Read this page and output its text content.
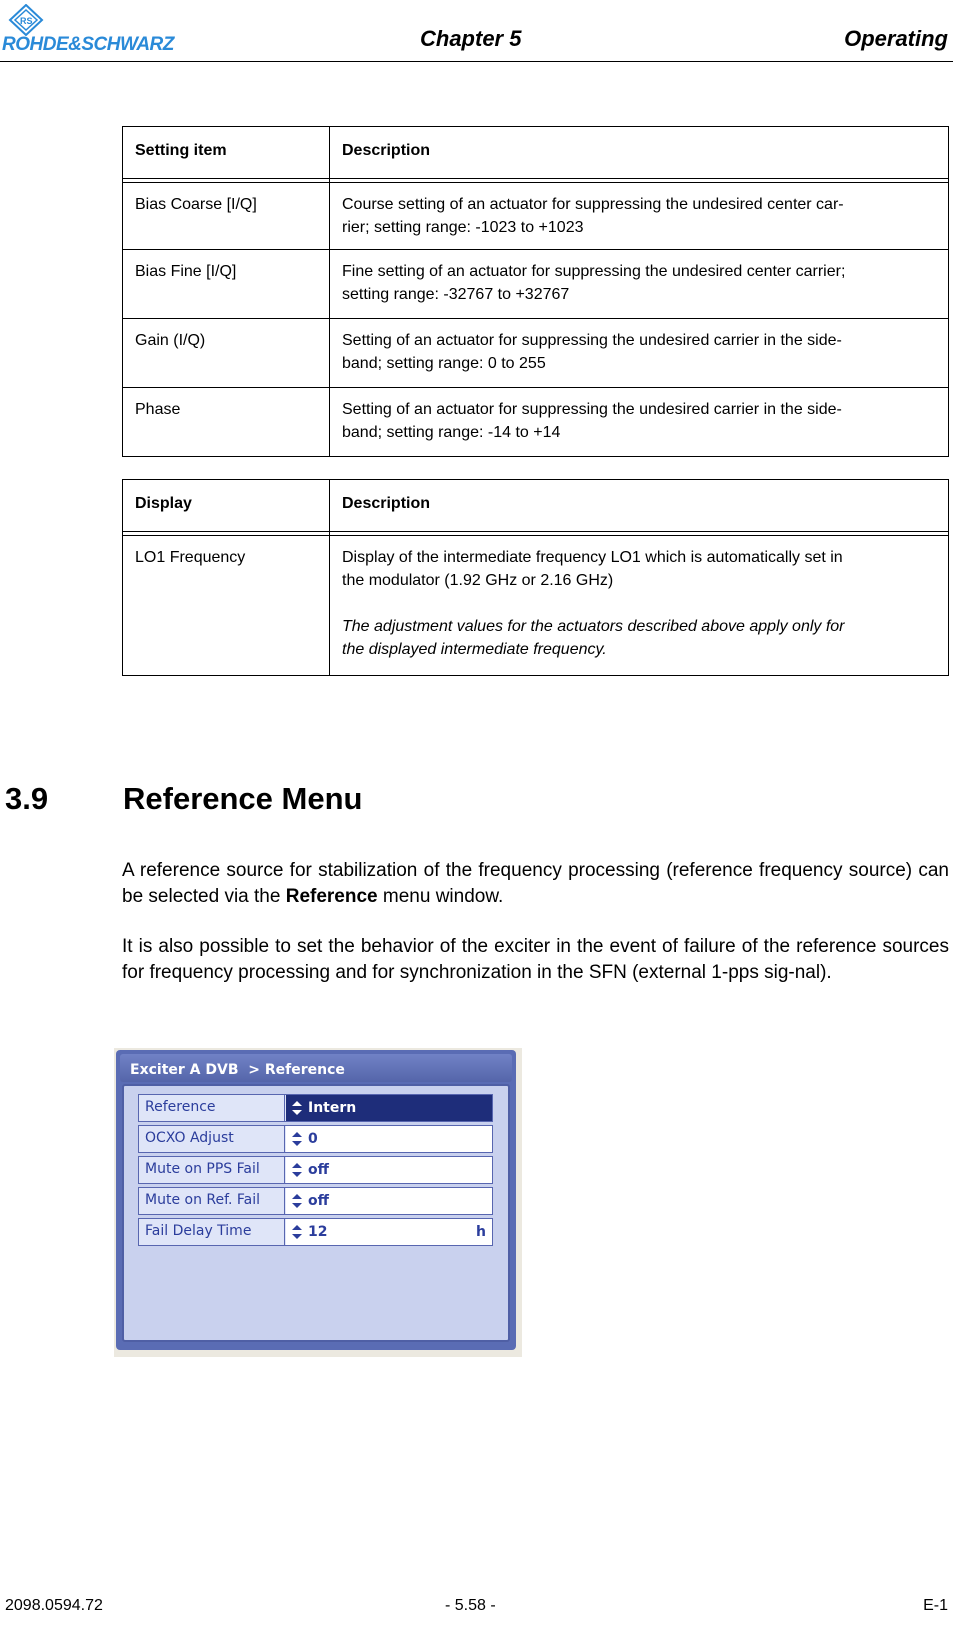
RS
ROHDE&SCHWARZ	Chapter 5	Operating
Setting item	Description

Bias Coarse [I/Q]	Course setting of an actuator for suppressing the undesired center car-
rier; setting range: -1023 to +1023
Bias Fine [I/Q]	Fine setting of an actuator for suppressing the undesired center carrier;
setting range: -32767 to +32767
Gain (I/Q)	Setting of an actuator for suppressing the undesired carrier in the side-
band; setting range: 0 to 255
Phase	Setting of an actuator for suppressing the undesired carrier in the side-
band; setting range: -14 to +14
Display	Description

LO1 Frequency	Display of the intermediate frequency LO1 which is automatically set in
the modulator (1.92 GHz or 2.16 GHz)

The adjustment values for the actuators described above apply only for
the displayed intermediate frequency.
3.9 Reference Menu
A reference source for stabilization of the frequency processing (reference frequency source) can be selected via the Reference menu window.
It is also possible to set the behavior of the exciter in the event of failure of the reference sources for frequency processing and for synchronization in the SFN (external 1-pps sig-nal).
Exciter A DVB  > Reference
Reference	Intern
OCXO Adjust	0
Mute on PPS Fail	off
Mute on Ref. Fail	off
Fail Delay Time	12	h
2098.0594.72	- 5.58 -	E-1
